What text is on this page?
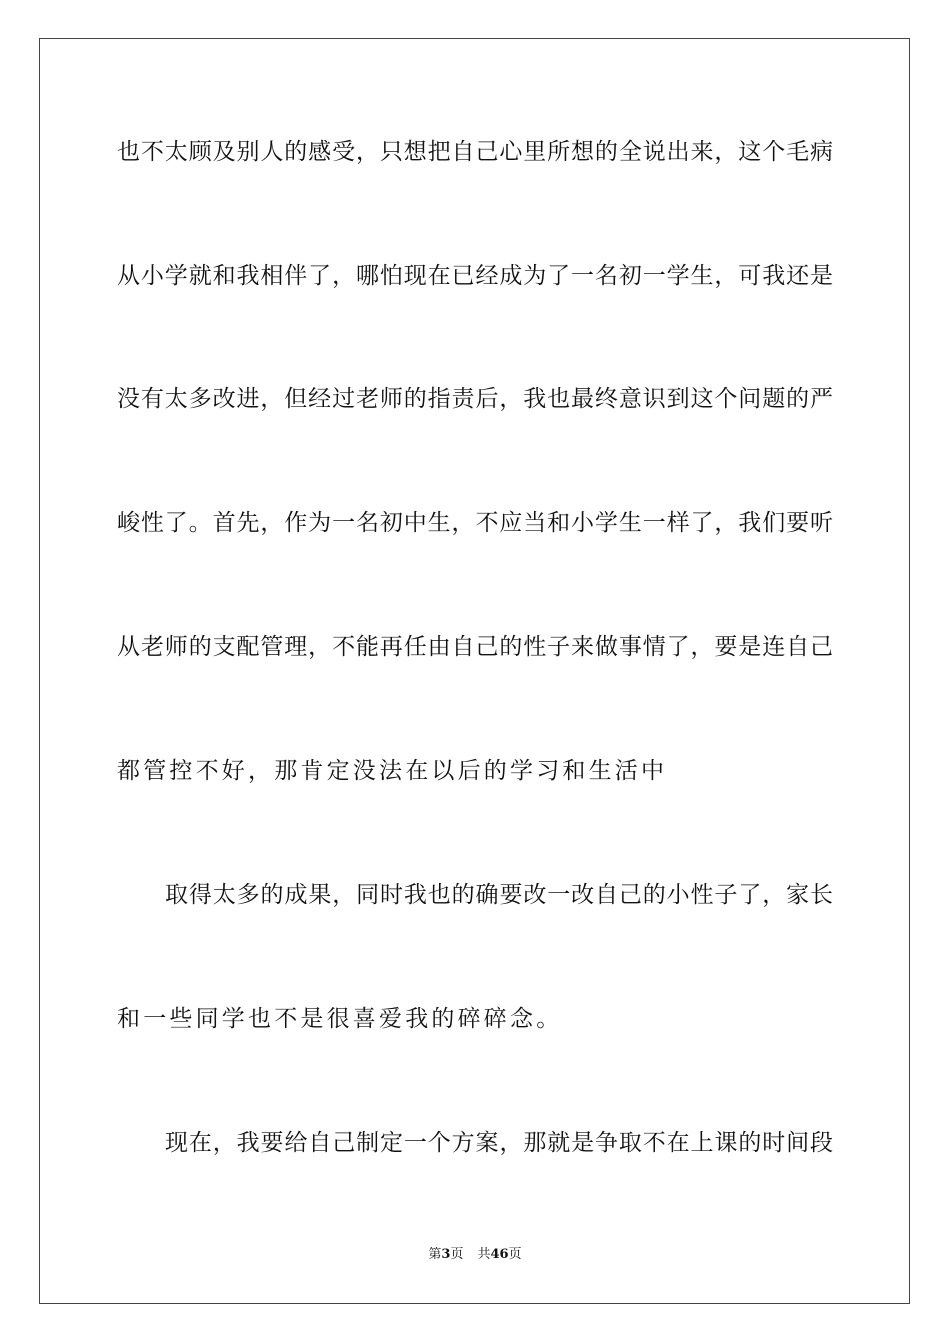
也不太顾及别人的感受，只想把自己心里所想的全说出来，这个毛病
从小学就和我相伴了，哪怕现在已经成为了一名初一学生，可我还是
没有太多改进，但经过老师的指责后，我也最终意识到这个问题的严
峻性了。首先，作为一名初中生，不应当和小学生一样了，我们要听
从老师的支配管理，不能再任由自己的性子来做事情了，要是连自己
都管控不好，那肯定没法在以后的学习和生活中
取得太多的成果，同时我也的确要改一改自己的小性子了，家长
和一些同学也不是很喜爱我的碎碎念。
现在，我要给自己制定一个方案，那就是争取不在上课的时间段
第3页 共46页
